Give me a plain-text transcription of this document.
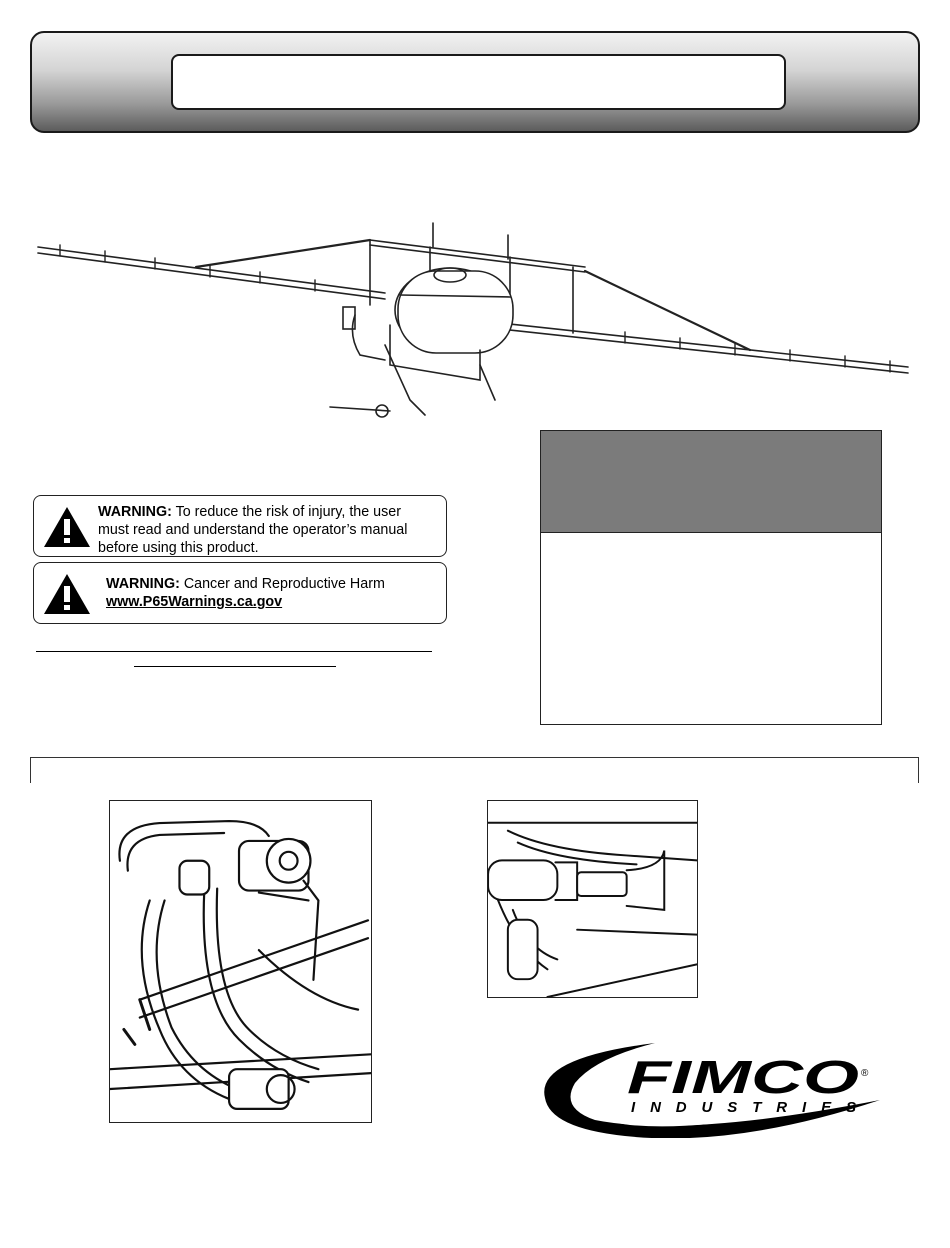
WARNING: To reduce the risk of injury, the user
must read and understand the operator’s manual
before using this product.
WARNING: Cancer and Reproductive Harm
www.P65Warnings.ca.gov
FIMCO ®
INDUSTRIES
